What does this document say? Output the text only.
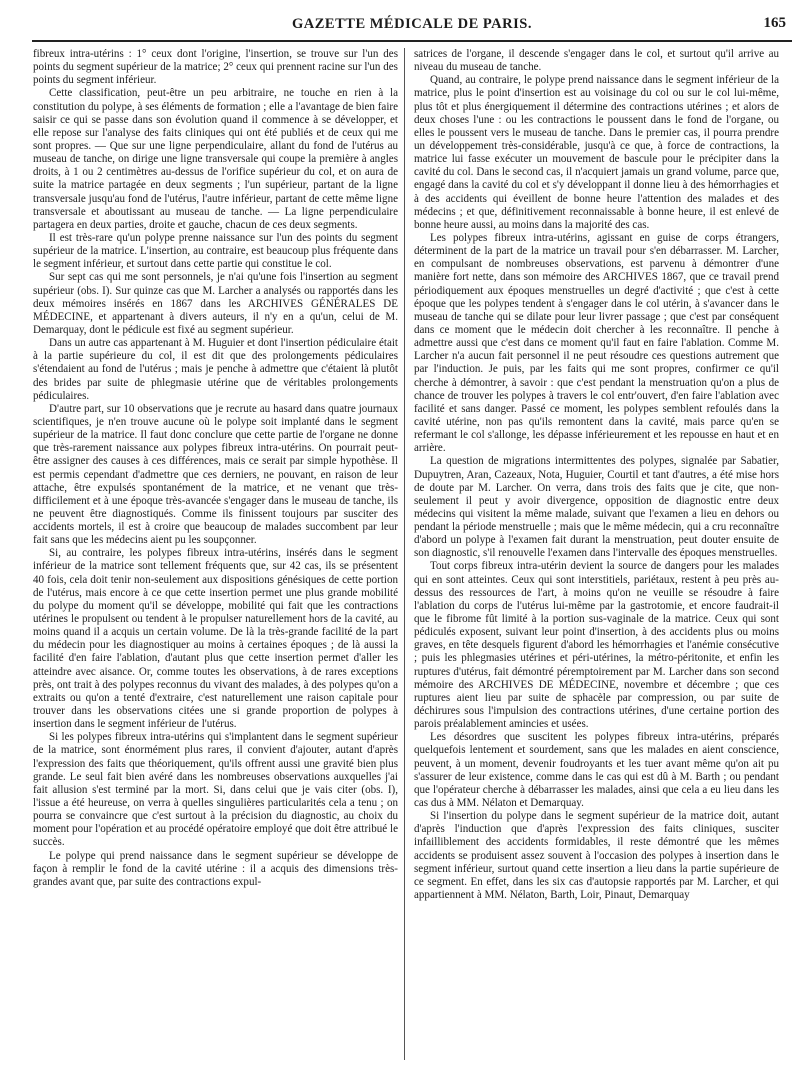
GAZETTE MÉDICALE DE PARIS.	165

fibreux intra-utérins : 1° ceux dont l'origine, l'insertion, se trouve sur l'un des points du segment supérieur de la matrice; 2° ceux qui prennent racine sur l'un des points du segment inférieur.

Cette classification, peut-être un peu arbitraire, ne touche en rien à la constitution du polype, à ses éléments de formation ; elle a l'avantage de bien faire saisir ce qui se passe dans son évolution quand il commence à se développer, et elle repose sur l'analyse des faits cliniques qui ont été publiés et de ceux qui me sont propres. — Que sur une ligne perpendiculaire, allant du fond de l'utérus au museau de tanche, on dirige une ligne transversale qui coupe la première à angles droits, à 1 ou 2 centimètres au-dessus de l'orifice supérieur du col, et on aura de suite la matrice partagée en deux segments ; l'un supérieur, partant de la ligne transversale jusqu'au fond de l'utérus, l'autre inférieur, partant de cette même ligne transversale et aboutissant au museau de tanche. — La ligne perpendiculaire partagera en deux parties, droite et gauche, chacun de ces deux segments.

Il est très-rare qu'un polype prenne naissance sur l'un des points du segment supérieur de la matrice. L'insertion, au contraire, est beaucoup plus fréquente dans le segment inférieur, et surtout dans cette partie qui constitue le col.

Sur sept cas qui me sont personnels, je n'ai qu'une fois l'insertion au segment supérieur (obs. I). Sur quinze cas que M. Larcher a analysés ou rapportés dans les deux mémoires insérés en 1867 dans les ARCHIVES GÉNÉRALES DE MÉDECINE, et appartenant à divers auteurs, il n'y en a qu'un, celui de M. Demarquay, dont le pédicule est fixé au segment supérieur.

Dans un autre cas appartenant à M. Huguier et dont l'insertion pédiculaire était à la partie supérieure du col, il est dit que des prolongements pédiculaires s'étendaient au fond de l'utérus ; mais je penche à admettre que c'étaient là plutôt des brides par suite de phlegmasie utérine que de véritables prolongements pédiculaires.

D'autre part, sur 10 observations que je recrute au hasard dans quatre journaux scientifiques, je n'en trouve aucune où le polype soit implanté dans le segment supérieur de la matrice. Il faut donc conclure que cette partie de l'organe ne donne que très-rarement naissance aux polypes fibreux intra-utérins. On pourrait peut-être assigner des causes à ces différences, mais ce serait par simple hypothèse. Il est permis cependant d'admettre que ces derniers, ne pouvant, en raison de leur attache, être expulsés spontanément de la matrice, et ne venant que très-difficilement et à une époque très-avancée s'engager dans le museau de tanche, ils ne peuvent être diagnostiqués. Comme ils finissent toujours par susciter des accidents mortels, il est à croire que beaucoup de malades succombent par leur fait sans que les médecins aient pu les soupçonner.

Si, au contraire, les polypes fibreux intra-utérins, insérés dans le segment inférieur de la matrice sont tellement fréquents que, sur 42 cas, ils se présentent 40 fois, cela doit tenir non-seulement aux dispositions génésiques de cette portion de l'utérus, mais encore à ce que cette insertion permet une plus grande mobilité du polype du moment qu'il se développe, mobilité qui fait que les contractions utérines le propulsent ou tendent à le propulser naturellement hors de la cavité, au moins quand il a acquis un certain volume. De là la très-grande facilité de la part du médecin pour les diagnostiquer au moins à certaines époques ; de là aussi la facilité d'en faire l'ablation, d'autant plus que cette insertion permet d'aller les atteindre avec aisance. Or, comme toutes les observations, à de rares exceptions près, ont trait à des polypes reconnus du vivant des malades, à des polypes qu'on a extraits ou qu'on a tenté d'extraire, c'est naturellement une raison capitale pour trouver dans les observations citées une si grande proportion de polypes à insertion dans le segment inférieur de l'utérus.

Si les polypes fibreux intra-utérins qui s'implantent dans le segment supérieur de la matrice, sont énormément plus rares, il convient d'ajouter, autant d'après l'expression des faits que théoriquement, qu'ils offrent aussi une gravité bien plus grande. Le seul fait bien avéré dans les nombreuses observations auxquelles j'ai fait allusion s'est terminé par la mort. Si, dans celui que je vais citer (obs. I), l'issue a été heureuse, on verra à quelles singulières particularités cela a tenu ; on pourra se convaincre que c'est surtout à la précision du diagnostic, au choix du moment pour l'opération et au procédé opératoire employé que doit être attribué le succès.

Le polype qui prend naissance dans le segment supérieur se développe de façon à remplir le fond de la cavité utérine : il a acquis des dimensions très-grandes avant que, par suite des contractions expul-

satrices de l'organe, il descende s'engager dans le col, et surtout qu'il arrive au niveau du museau de tanche.

Quand, au contraire, le polype prend naissance dans le segment inférieur de la matrice, plus le point d'insertion est au voisinage du col ou sur le col lui-même, plus tôt et plus énergiquement il détermine des contractions utérines ; et alors de deux choses l'une : ou les contractions le poussent dans le fond de l'organe, ou elles le poussent vers le museau de tanche. Dans le premier cas, il pourra prendre un développement très-considérable, jusqu'à ce que, à force de contractions, la matrice lui fasse exécuter un mouvement de bascule pour le précipiter dans la cavité du col. Dans le second cas, il n'acquiert jamais un grand volume, parce que, engagé dans la cavité du col et s'y développant il donne lieu à des hémorrhagies et à des accidents qui éveillent de bonne heure l'attention des malades et des médecins ; et que, définitivement reconnaissable à bonne heure, il est enlevé de bonne heure aussi, au moins dans la majorité des cas.

Les polypes fibreux intra-utérins, agissant en guise de corps étrangers, déterminent de la part de la matrice un travail pour s'en débarrasser. M. Larcher, en compulsant de nombreuses observations, est parvenu à démontrer d'une manière fort nette, dans son mémoire des ARCHIVES 1867, que ce travail prend périodiquement aux époques menstruelles un degré d'activité ; que c'est à cette époque que les polypes tendent à s'engager dans le col utérin, à s'avancer dans le museau de tanche qui se dilate pour leur livrer passage ; que c'est par conséquent dans ce moment que le médecin doit chercher à les reconnaître. Il penche à admettre aussi que c'est dans ce moment qu'il faut en faire l'ablation. Comme M. Larcher n'a aucun fait personnel il ne peut résoudre ces questions autrement que par l'induction. Je puis, par les faits qui me sont propres, confirmer ce qu'il cherche à démontrer, à savoir : que c'est pendant la menstruation qu'on a plus de chance de trouver les polypes à travers le col entr'ouvert, d'en faire l'ablation avec facilité et sans danger. Passé ce moment, les polypes semblent refoulés dans la cavité utérine, non pas qu'ils remontent dans la cavité, mais parce qu'en se refermant le col s'allonge, les dépasse inférieurement et les repousse en haut et en arrière.

La question de migrations intermittentes des polypes, signalée par Sabatier, Dupuytren, Aran, Cazeaux, Nota, Huguier, Courtil et tant d'autres, a été mise hors de doute par M. Larcher. On verra, dans trois des faits que je cite, que non-seulement il peut y avoir divergence, opposition de diagnostic entre deux médecins qui visitent la même malade, suivant que l'examen a lieu en dehors ou pendant la période menstruelle ; mais que le même médecin, qui a cru reconnaître d'abord un polype à l'examen fait durant la menstruation, peut douter ensuite de son diagnostic, s'il renouvelle l'examen dans l'intervalle des époques menstruelles.

Tout corps fibreux intra-utérin devient la source de dangers pour les malades qui en sont atteintes. Ceux qui sont interstitiels, pariétaux, restent à peu près au-dessus des ressources de l'art, à moins qu'on ne veuille se résoudre à faire l'ablation du corps de l'utérus lui-même par la gastrotomie, et encore faudrait-il que le fibrome fût limité à la portion sus-vaginale de la matrice. Ceux qui sont pédiculés exposent, suivant leur point d'insertion, à des accidents plus ou moins graves, en tête desquels figurent d'abord les hémorrhagies et l'anémie consécutive ; puis les phlegmasies utérines et péri-utérines, la métro-péritonite, et enfin les ruptures d'utérus, fait démontré péremptoirement par M. Larcher dans son second mémoire des ARCHIVES DE MÉDECINE, novembre et décembre ; que ces ruptures aient lieu par suite de sphacèle par compression, ou par suite de déchirures sous l'impulsion des contractions utérines, d'une certaine portion des parois préalablement amincies et usées.

Les désordres que suscitent les polypes fibreux intra-utérins, préparés quelquefois lentement et sourdement, sans que les malades en aient conscience, peuvent, à un moment, devenir foudroyants et les tuer avant même qu'on ait pu s'assurer de leur existence, comme dans le cas qui est dû à M. Barth ; ou pendant que l'opérateur cherche à débarrasser les malades, ainsi que cela a eu lieu dans les cas dus à MM. Nélaton et Demarquay.

Si l'insertion du polype dans le segment supérieur de la matrice doit, autant d'après l'induction que d'après l'expression des faits cliniques, susciter infailliblement des accidents formidables, il reste démontré que les mêmes accidents se produisent assez souvent à l'occasion des polypes à insertion dans le segment inférieur, surtout quand cette insertion a lieu dans la partie supérieure de ce segment. En effet, dans les six cas d'autopsie rapportés par M. Larcher, et qui appartiennent à MM. Nélaton, Barth, Loir, Pinaut, Demarquay
